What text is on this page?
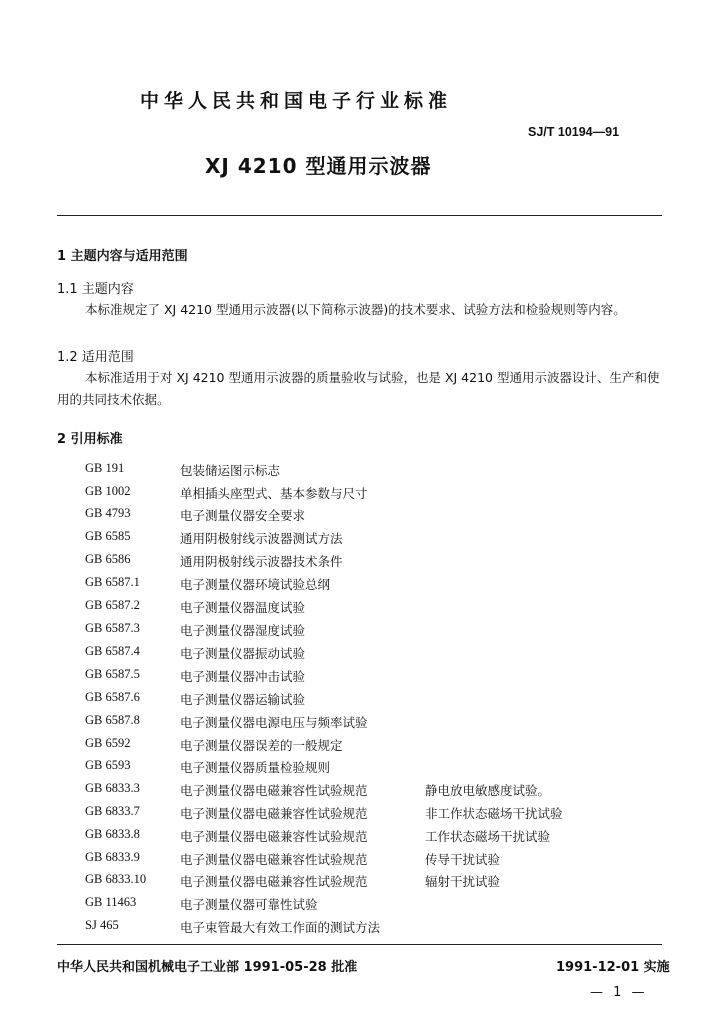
中华人民共和国电子行业标准
SJ/T 10194—91
XJ 4210 型通用示波器
1 主题内容与适用范围
1.1 主题内容
本标准规定了 XJ 4210 型通用示波器(以下简称示波器)的技术要求、试验方法和检验规则等内容。
1.2 适用范围
本标准适用于对 XJ 4210 型通用示波器的质量验收与试验，也是 XJ 4210 型通用示波器设计、生产和使用的共同技术依据。
2 引用标准
GB 191	包装储运图示标志
GB 1002	单相插头座型式、基本参数与尺寸
GB 4793	电子测量仪器安全要求
GB 6585	通用阴极射线示波器测试方法
GB 6586	通用阴极射线示波器技术条件
GB 6587.1	电子测量仪器环境试验总纲
GB 6587.2	电子测量仪器温度试验
GB 6587.3	电子测量仪器湿度试验
GB 6587.4	电子测量仪器振动试验
GB 6587.5	电子测量仪器冲击试验
GB 6587.6	电子测量仪器运输试验
GB 6587.8	电子测量仪器电源电压与频率试验
GB 6592	电子测量仪器误差的一般规定
GB 6593	电子测量仪器质量检验规则
GB 6833.3	电子测量仪器电磁兼容性试验规范	静电放电敏感度试验。
GB 6833.7	电子测量仪器电磁兼容性试验规范	非工作状态磁场干扰试验
GB 6833.8	电子测量仪器电磁兼容性试验规范	工作状态磁场干扰试验
GB 6833.9	电子测量仪器电磁兼容性试验规范	传导干扰试验
GB 6833.10	电子测量仪器电磁兼容性试验规范	辐射干扰试验
GB 11463	电子测量仪器可靠性试验
SJ 465	电子束管最大有效工作面的测试方法
中华人民共和国机械电子工业部 1991-05-28 批准	1991-12-01 实施
— 1 —
